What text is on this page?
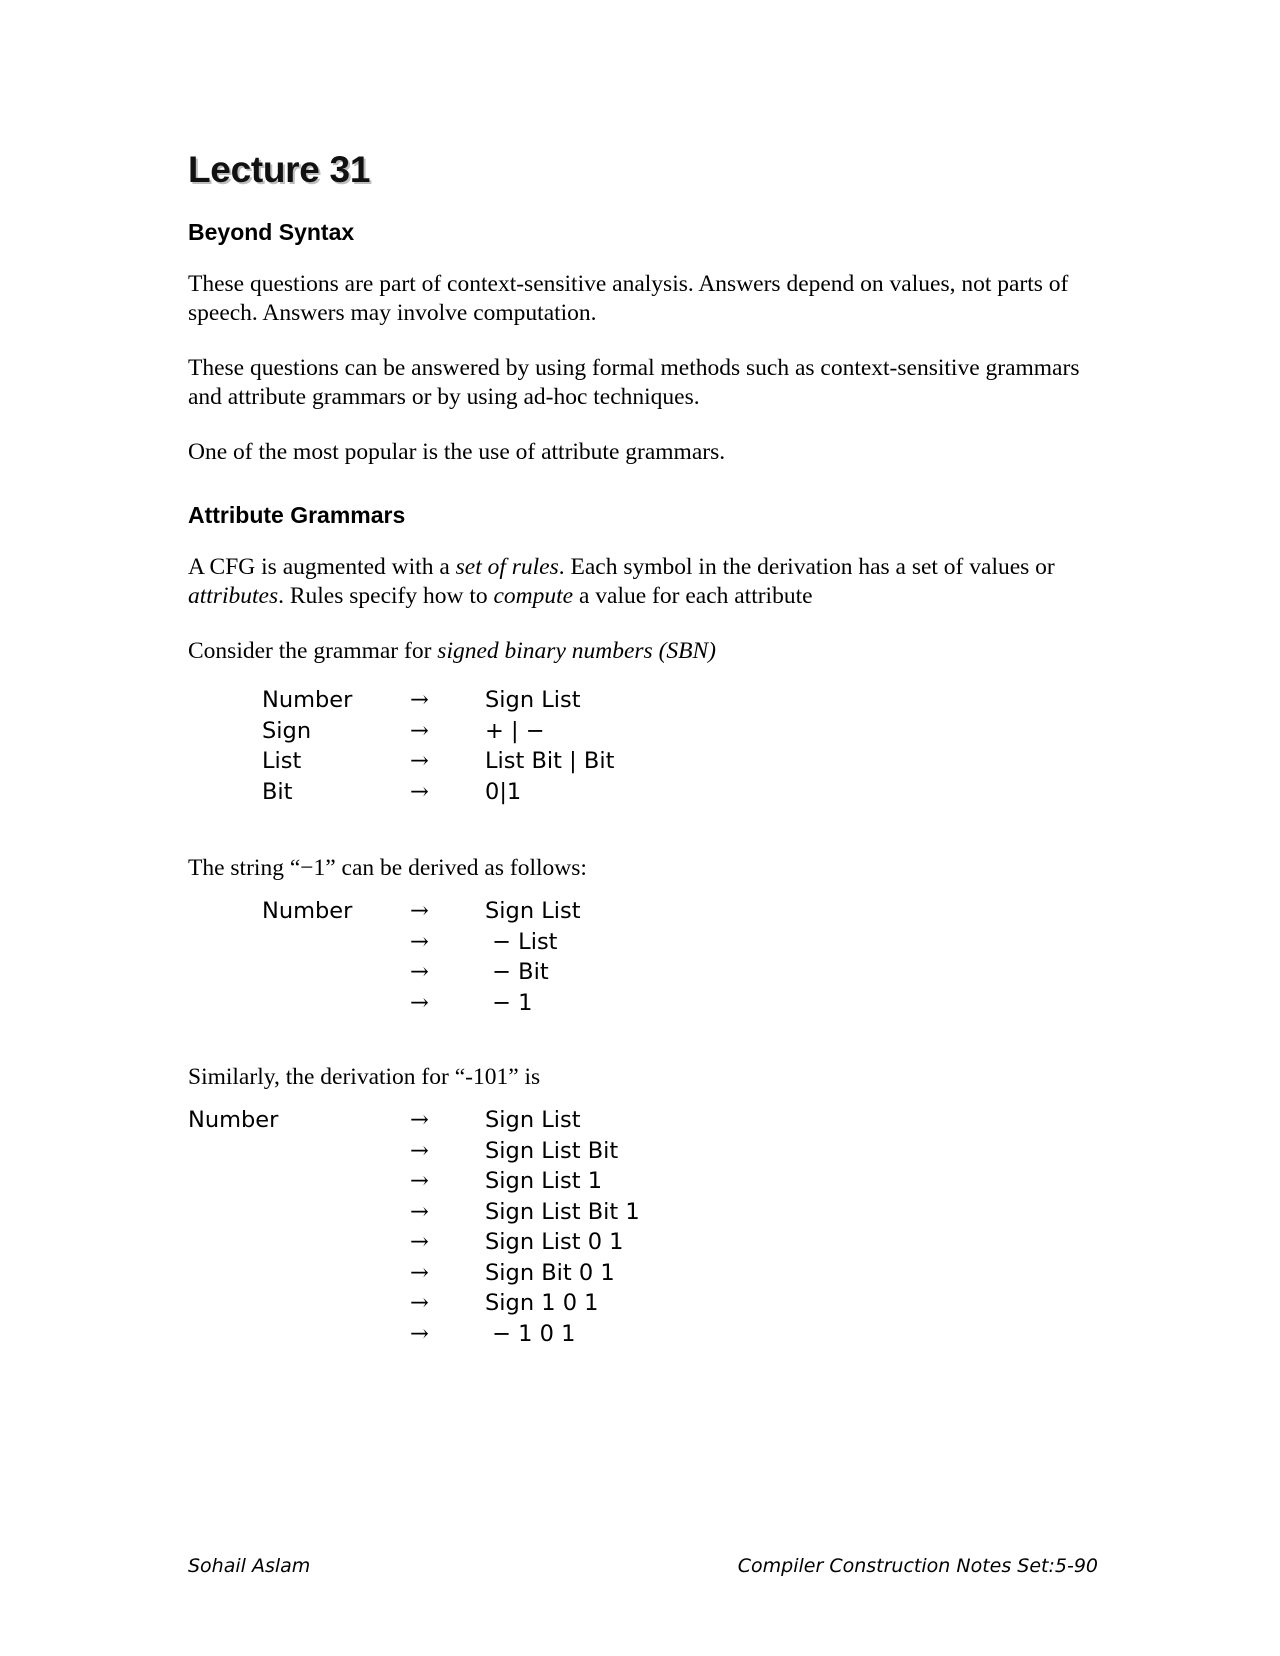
Lecture 31
Beyond Syntax

These questions are part of context-sensitive analysis. Answers depend on values, not parts of speech. Answers may involve computation.

These questions can be answered by using formal methods such as context-sensitive grammars and attribute grammars or by using ad-hoc techniques.

One of the most popular is the use of attribute grammars.

Attribute Grammars

A CFG is augmented with a set of rules. Each symbol in the derivation has a set of values or attributes. Rules specify how to compute a value for each attribute

Consider the grammar for signed binary numbers (SBN)

Number	→ Sign List
Sign	→ + | −
List	→ List Bit | Bit
Bit	→ 0|1

The string “−1” can be derived as follows:

Number	→ Sign List
→ − List
→ − Bit
→ − 1

Similarly, the derivation for “-101” is

Number	→ Sign List
→ Sign List Bit
→ Sign List 1
→ Sign List Bit 1
→ Sign List 0 1
→ Sign Bit 0 1
→ Sign 1 0 1
→ − 1 0 1
Sohail Aslam	Compiler Construction Notes Set:5-90
